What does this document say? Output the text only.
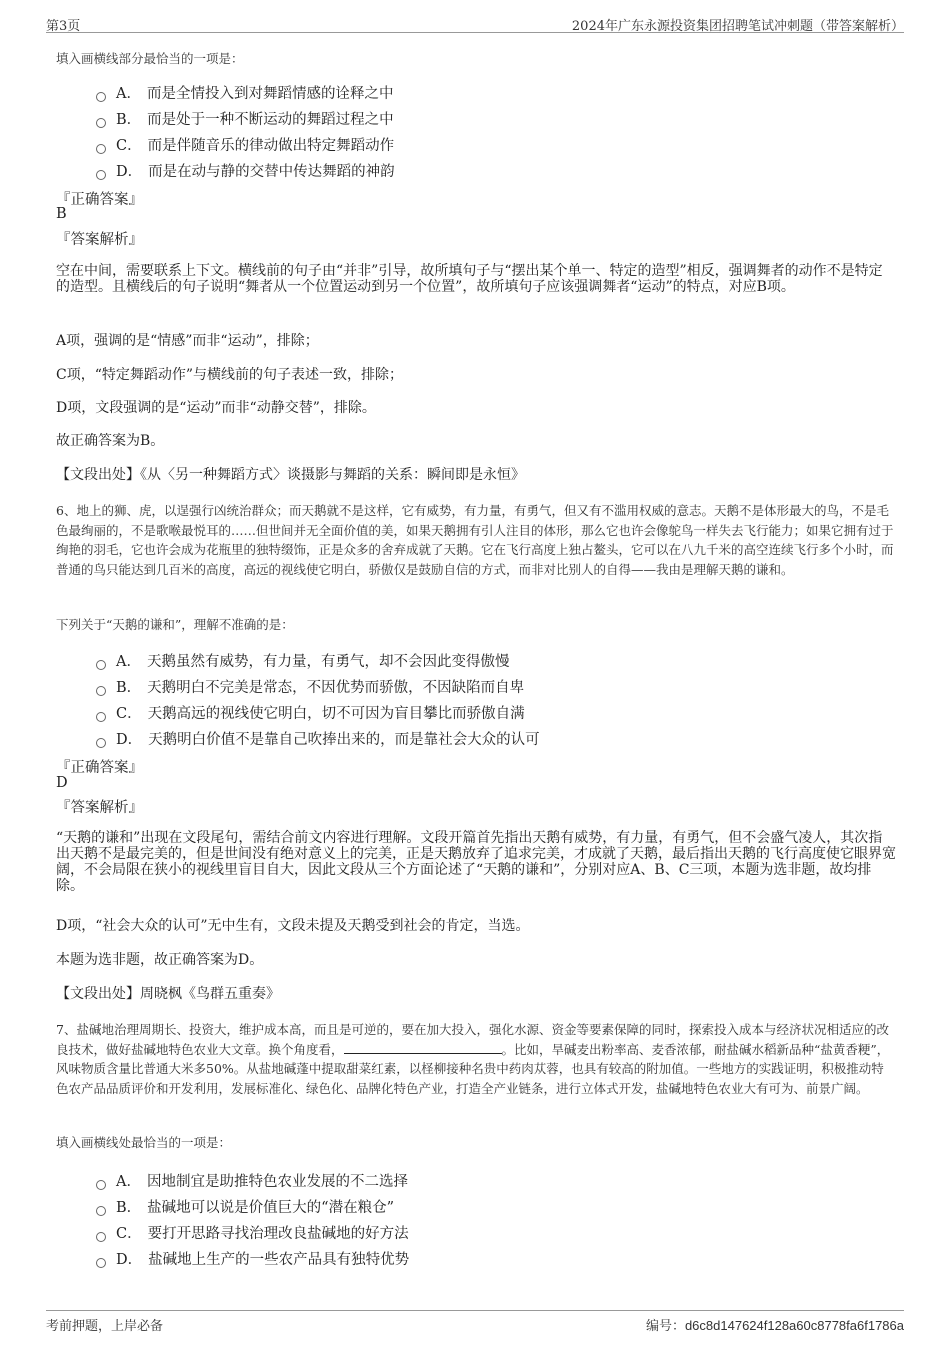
第3页	2024年广东永源投资集团招聘笔试冲刺题（带答案解析）
填入画横线部分最恰当的一项是：
A． 而是全情投入到对舞蹈情感的诠释之中
B． 而是处于一种不断运动的舞蹈过程之中
C． 而是伴随音乐的律动做出特定舞蹈动作
D． 而是在动与静的交替中传达舞蹈的神韵
『正确答案』
B
『答案解析』
空在中间，需要联系上下文。横线前的句子由“并非”引导，故所填句子与“摆出某个单一、特定的造型”相反，强调舞者的动作不是特定的造型。且横线后的句子说明“舞者从一个位置运动到另一个位置”，故所填句子应该强调舞者“运动”的特点，对应B项。
A项，强调的是“情感”而非“运动”，排除；
C项，“特定舞蹈动作”与横线前的句子表述一致，排除；
D项，文段强调的是“运动”而非“动静交替”，排除。
故正确答案为B。
【文段出处】《从〈另一种舞蹈方式〉谈摄影与舞蹈的关系：瞬间即是永恒》
6、地上的狮、虎，以逞强行凶统治群众；而天鹅就不是这样，它有威势，有力量，有勇气，但又有不滥用权威的意志。天鹅不是体形最大的鸟，不是毛色最绚丽的，不是歌喉最悦耳的……但世间并无全面价值的美，如果天鹅拥有引人注目的体形，那么它也许会像鸵鸟一样失去飞行能力；如果它拥有过于绚艳的羽毛，它也许会成为花瓶里的独特缀饰，正是众多的舍弃成就了天鹅。它在飞行高度上独占鳌头，它可以在八九千米的高空连续飞行多个小时，而普通的鸟只能达到几百米的高度，高远的视线使它明白，骄傲仅是鼓励自信的方式，而非对比别人的自得——我由是理解天鹅的谦和。
下列关于“天鹅的谦和”，理解不准确的是：
A． 天鹅虽然有威势，有力量，有勇气，却不会因此变得傲慢
B． 天鹅明白不完美是常态，不因优势而骄傲，不因缺陷而自卑
C． 天鹅高远的视线使它明白，切不可因为盲目攀比而骄傲自满
D． 天鹅明白价值不是靠自己吹捧出来的，而是靠社会大众的认可
『正确答案』
D
『答案解析』
“天鹅的谦和”出现在文段尾句，需结合前文内容进行理解。文段开篇首先指出天鹅有威势，有力量，有勇气，但不会盛气凌人，其次指出天鹅不是最完美的，但是世间没有绝对意义上的完美，正是天鹅放弃了追求完美，才成就了天鹅，最后指出天鹅的飞行高度使它眼界宽阔，不会局限在狭小的视线里盲目自大，因此文段从三个方面论述了“天鹅的谦和”，分别对应A、B、C三项，本题为选非题，故均排除。
D项，“社会大众的认可”无中生有，文段未提及天鹅受到社会的肯定，当选。
本题为选非题，故正确答案为D。
【文段出处】周晓枫《鸟群五重奏》
7、盐碱地治理周期长、投资大，维护成本高，而且是可逆的，要在加大投入，强化水源、资金等要素保障的同时，探索投入成本与经济状况相适应的改良技术，做好盐碱地特色农业大文章。换个角度看，	。比如，旱碱麦出粉率高、麦香浓郁，耐盐碱水稻新品种“盐黄香粳”，风味物质含量比普通大米多50%。从盐地碱蓬中提取甜菜红素，以柽柳接种名贵中药肉苁蓉，也具有较高的附加值。一些地方的实践证明，积极推动特色农产品品质评价和开发利用，发展标准化、绿色化、品牌化特色产业，打造全产业链条，进行立体式开发，盐碱地特色农业大有可为、前景广阔。
填入画横线处最恰当的一项是：
A． 因地制宜是助推特色农业发展的不二选择
B． 盐碱地可以说是价值巨大的“潜在粮仓”
C． 要打开思路寻找治理改良盐碱地的好方法
D． 盐碱地上生产的一些农产品具有独特优势
考前押题，上岸必备	编号：d6c8d147624f128a60c8778fa6f1786a
